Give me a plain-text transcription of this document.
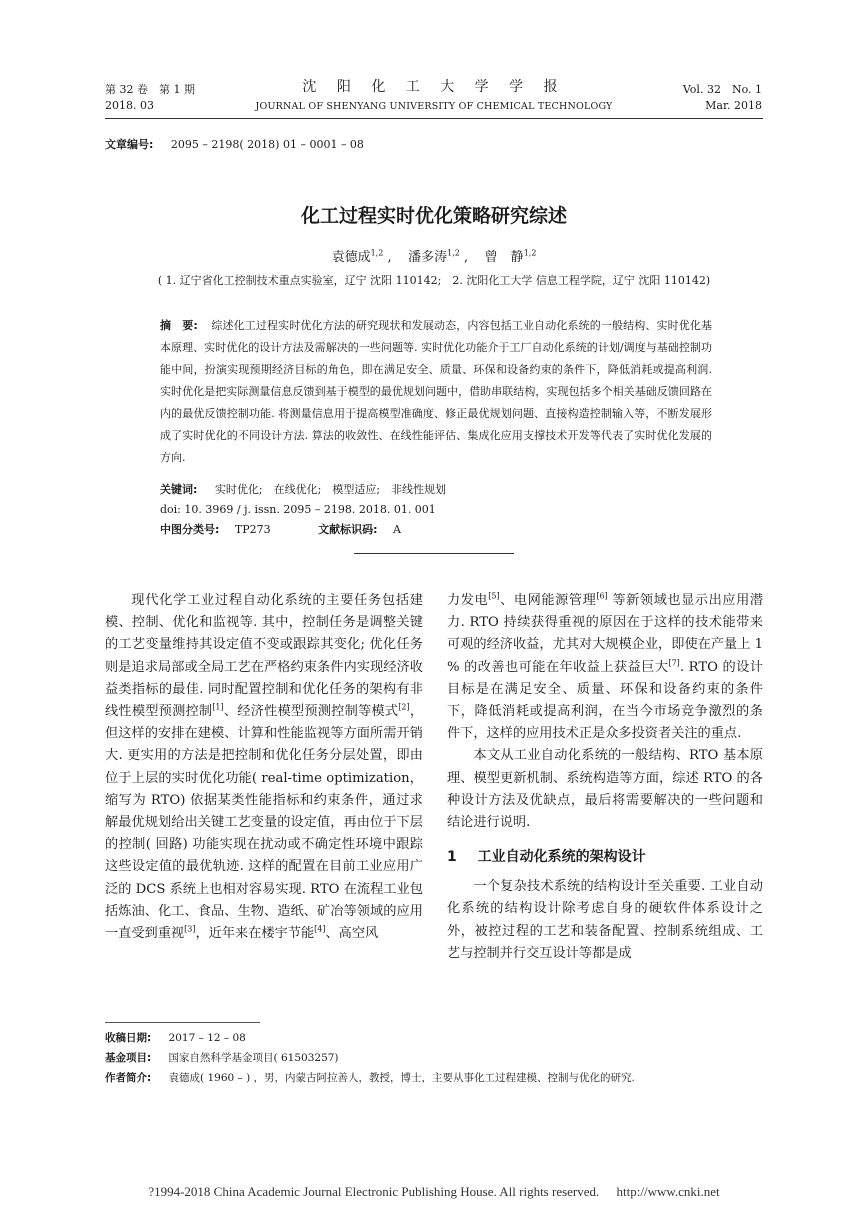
第 32 卷　第 1 期
2018. 03
沈 阳 化 工 大 学 学 报
JOURNAL OF SHENYANG UNIVERSITY OF CHEMICAL TECHNOLOGY
Vol. 32　No. 1
Mar. 2018
文章编号: 2095 – 2198( 2018) 01 – 0001 – 08
化工过程实时优化策略研究综述
袁德成$^{1,2}$ , 潘多涛$^{1,2}$ , 曾　静$^{1,2}$
( 1. 辽宁省化工控制技术重点实验室，辽宁 沈阳 110142;　2. 沈阳化工大学 信息工程学院，辽宁 沈阳 110142)
摘　要: 综述化工过程实时优化方法的研究现状和发展动态，内容包括工业自动化系统的一般结构、实时优化基本原理、实时优化的设计方法及需解决的一些问题等. 实时优化功能介于工厂自动化系统的计划/调度与基础控制功能中间，扮演实现预期经济目标的角色，即在满足安全、质量、环保和设备约束的条件下，降低消耗或提高利润. 实时优化是把实际测量信息反馈到基于模型的最优规划问题中，借助串联结构，实现包括多个相关基础反馈回路在内的最优反馈控制功能. 将测量信息用于提高模型准确度、修正最优规划问题、直接构造控制输入等，不断发展形成了实时优化的不同设计方法. 算法的收敛性、在线性能评估、集成化应用支撑技术开发等代表了实时优化发展的方向.
关键词: 实时优化;　在线优化;　模型适应;　非线性规划
doi: 10. 3969 / j. issn. 2095 – 2198. 2018. 01. 001
中图分类号: TP273	文献标识码: A

现代化学工业过程自动化系统的主要任务包括建模、控制、优化和监视等. 其中，控制任务是调整关键的工艺变量维持其设定值不变或跟踪其变化; 优化任务则是追求局部或全局工艺在严格约束条件内实现经济收益类指标的最佳. 同时配置控制和优化任务的架构有非线性模型预测控制[1]、经济性模型预测控制等模式[2]，但这样的安排在建模、计算和性能监视等方面所需开销大. 更实用的方法是把控制和优化任务分层处置，即由位于上层的实时优化功能( real-time optimization，缩写为 RTO) 依据某类性能指标和约束条件，通过求解最优规划给出关键工艺变量的设定值，再由位于下层的控制( 回路) 功能实现在扰动或不确定性环境中跟踪这些设定值的最优轨迹. 这样的配置在目前工业应用广泛的 DCS 系统上也相对容易实现. RTO 在流程工业包括炼油、化工、食品、生物、造纸、矿冶等领域的应用一直受到重视[3]，近年来在楼宇节能[4]、高空风

力发电[5]、电网能源管理[6] 等新领域也显示出应用潜力. RTO 持续获得重视的原因在于这样的技术能带来可观的经济收益，尤其对大规模企业，即使在产量上 1 % 的改善也可能在年收益上获益巨大[7]. RTO 的设计目标是在满足安全、质量、环保和设备约束的条件下，降低消耗或提高利润，在当今市场竞争激烈的条件下，这样的应用技术正是众多投资者关注的重点.

本文从工业自动化系统的一般结构、RTO 基本原理、模型更新机制、系统构造等方面，综述 RTO 的各种设计方法及优缺点，最后将需要解决的一些问题和结论进行说明.

1 工业自动化系统的架构设计

一个复杂技术系统的结构设计至关重要. 工业自动化系统的结构设计除考虑自身的硬软件体系设计之外，被控过程的工艺和装备配置、控制系统组成、工艺与控制并行交互设计等都是成

收稿日期: 2017 – 12 – 08
基金项目: 国家自然科学基金项目( 61503257)
作者简介: 袁德成( 1960 – ) ，男，内蒙古阿拉善人，教授，博士，主要从事化工过程建模、控制与优化的研究.
?1994-2018 China Academic Journal Electronic Publishing House. All rights reserved. http://www.cnki.net
